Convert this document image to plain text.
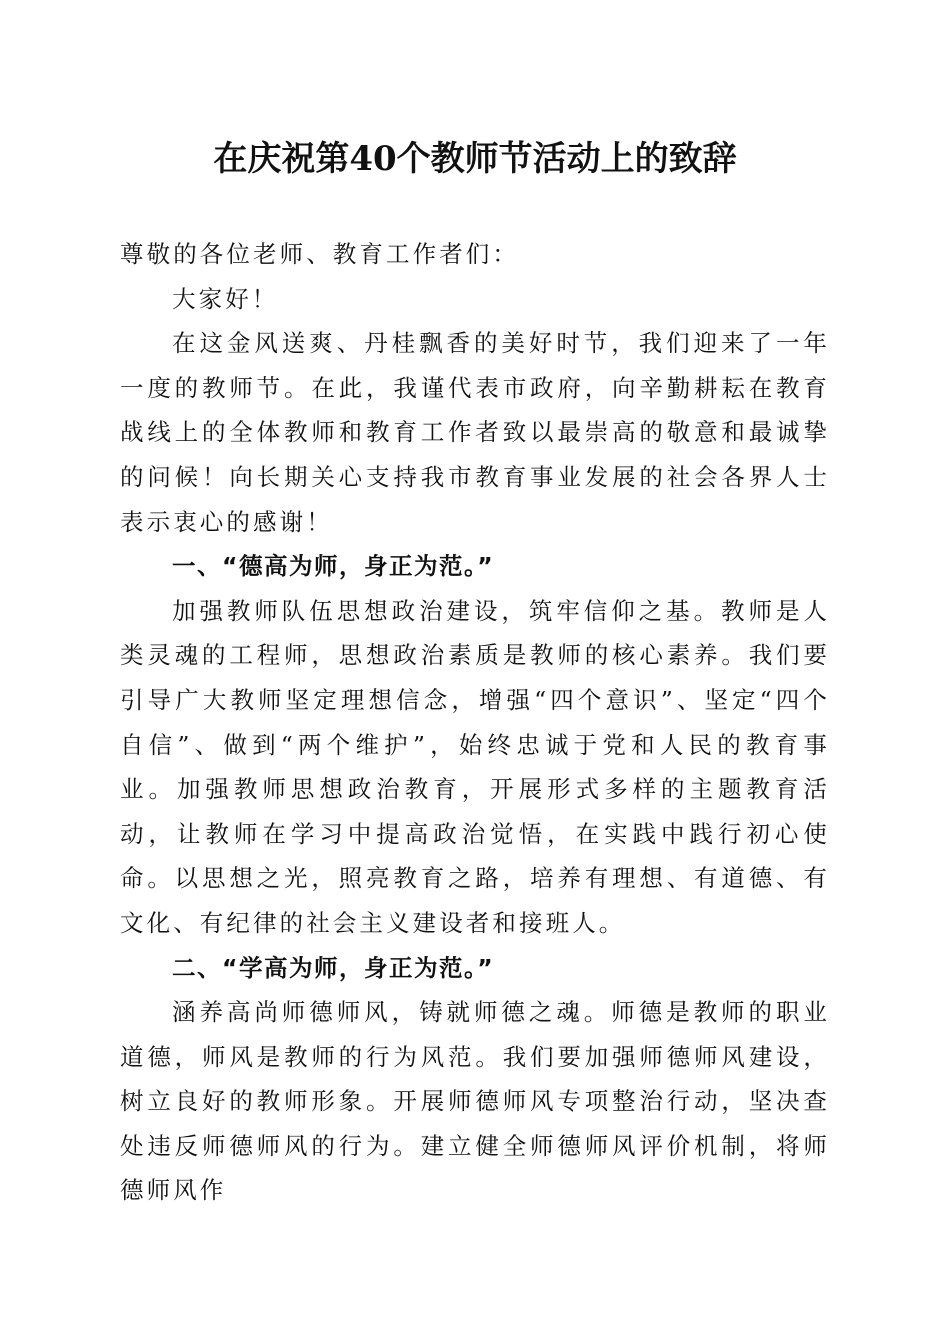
在庆祝第40个教师节活动上的致辞

尊敬的各位老师、教育工作者们：

大家好！

在这金风送爽、丹桂飘香的美好时节，我们迎来了一年一度的教师节。在此，我谨代表市政府，向辛勤耕耘在教育战线上的全体教师和教育工作者致以最崇高的敬意和最诚挚的问候！向长期关心支持我市教育事业发展的社会各界人士表示衷心的感谢！

一、“德高为师，身正为范。”

加强教师队伍思想政治建设，筑牢信仰之基。教师是人类灵魂的工程师，思想政治素质是教师的核心素养。我们要引导广大教师坚定理想信念，增强“四个意识”、坚定“四个自信”、做到“两个维护”，始终忠诚于党和人民的教育事业。加强教师思想政治教育，开展形式多样的主题教育活动，让教师在学习中提高政治觉悟，在实践中践行初心使命。以思想之光，照亮教育之路，培养有理想、有道德、有文化、有纪律的社会主义建设者和接班人。

二、“学高为师，身正为范。”

涵养高尚师德师风，铸就师德之魂。师德是教师的职业道德，师风是教师的行为风范。我们要加强师德师风建设，树立良好的教师形象。开展师德师风专项整治行动，坚决查处违反师德师风的行为。建立健全师德师风评价机制，将师德师风作
